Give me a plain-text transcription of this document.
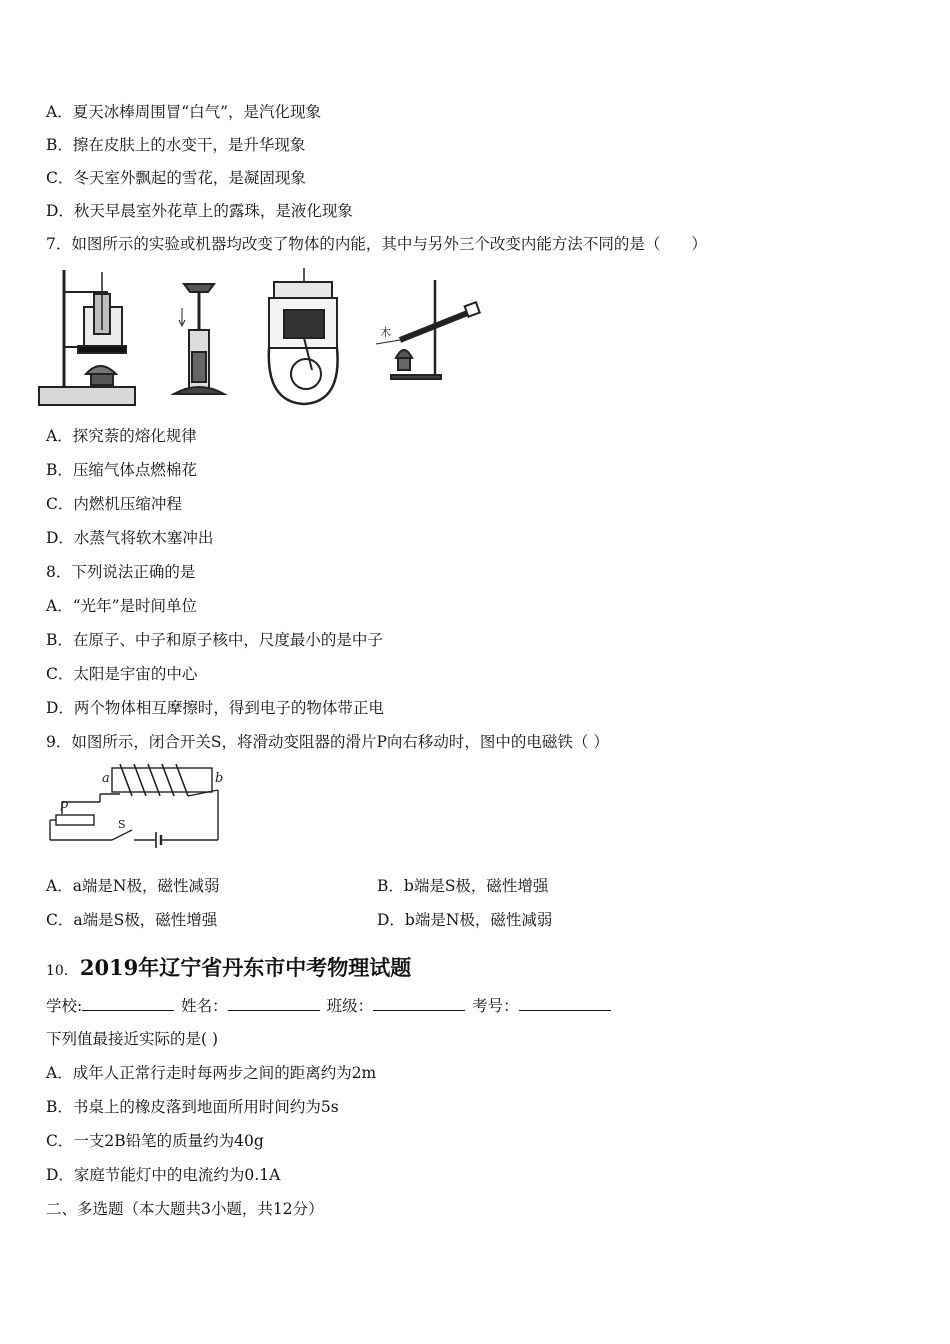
A．夏天冰棒周围冒“白气”，是汽化现象
B．擦在皮肤上的水变干，是升华现象
C．冬天室外飘起的雪花，是凝固现象
D．秋天早晨室外花草上的露珠，是液化现象
7．如图所示的实验或机器均改变了物体的内能，其中与另外三个改变内能方法不同的是（　　）
木
A．探究萘的熔化规律
B．压缩气体点燃棉花
C．内燃机压缩冲程
D．水蒸气将软木塞冲出
8．下列说法正确的是
A．“光年”是时间单位
B．在原子、中子和原子核中，尺度最小的是中子
C．太阳是宇宙的中心
D．两个物体相互摩擦时，得到电子的物体带正电
9．如图所示，闭合开关S，将滑动变阻器的滑片P向右移动时，图中的电磁铁（ ）
a	b
p
S
A．a端是N极，磁性减弱	B．b端是S极，磁性增强
C．a端是S极，磁性增强	D．b端是N极，磁性减弱
10．2019年辽宁省丹东市中考物理试题
学校:	姓名：	班级：	考号：
下列值最接近实际的是( )
A．成年人正常行走时每两步之间的距离约为2m
B．书桌上的橡皮落到地面所用时间约为5s
C．一支2B铅笔的质量约为40g
D．家庭节能灯中的电流约为0.1A
二、多选题（本大题共3小题，共12分）
